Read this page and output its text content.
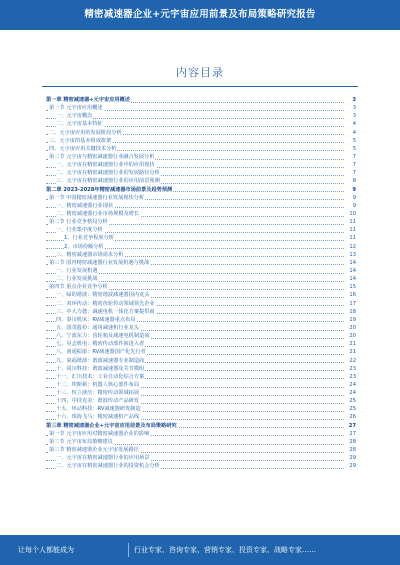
精密减速器企业+元宇宙应用前景及布局策略研究报告
内容目录
第一章 精密减速器+元宇宙应用概述	3
第一节 元宇宙应用概述	3
一、元宇宙概念	3
二、元宇宙基本特征	4
二、元宇宙应用的发展阶段分析	4
三、元宇宙的基本组成框架	5
四、元宇宙应用关键技术分析	5
第二节 元宇宙与精密减速器行业融合发展分析	7
一、元宇宙在精密减速器行业中的应用现状	7
二、元宇宙在精密减速器行业的发展路径分析	7
三、元宇宙在精密减速器行业的应用前景预测	8
第二章 2023-2028年精密减速器市场前景及趋势预测	9
第一节 中国精密减速器行业发展现状分析	9
一、精密减速器行业现状	9
二、精密减速器行业市场规模及增长	10
第二节 行业竞争格局分析	11
一、行业集中度分析	11
1、行业竞争程度分析	11
2、市场份额分析	12
三、精密减速器市场需求分析	13
第三节 国内精密减速器行业发展机遇与挑战	14
一、行业发展机遇	14
二、行业发展挑战	14
第四节 重点企业竞争分析	15
一、绿的谐波：精密谐波减速器国内龙头	16
二、双环传动：精密齿轮传动领域领先企业	17
三、中大力德：减速电机一体化方案提供商	18
四、秦川机床：RV减速器重点布局	19
五、国茂股份：通用减速机行业龙头	20
六、宁波东力：齿轮箱及减速电机制造商	20
七、昊志机电：精密传动部件新进入者	21
八、南通振康：RV减速器国产化先行者	21
九、来福谐波：谐波减速器专业制造商	22
十、同川科技：谐波减速器及关节模组	23
十一、汇川技术：工业自动化综合方案	23
十二、埃斯顿：机器人核心部件布局	24
十三、恒立液压：精密传动领域拓展	24
十四、中技克美：谐波传动产品研发	25
十五、环动科技：RV减速器研发制造	25
十六、珠海飞马：精密减速机产品线	26
第三章 精密减速器企业+元宇宙应用前景及布局策略研究	27
第一节 元宇宙应用对精密减速器企业的影响	27
第二节 元宇宙布局策略建议	28
第三节 精密减速器企业元宇宙发展路径	28
一、元宇宙在精密减速器行业的应用场景	29
二、元宇宙在精密减速器行业的投资机会分析	29
让每个人都能成为	行业专家、咨询专家、营销专家、投资专家、战略专家……
